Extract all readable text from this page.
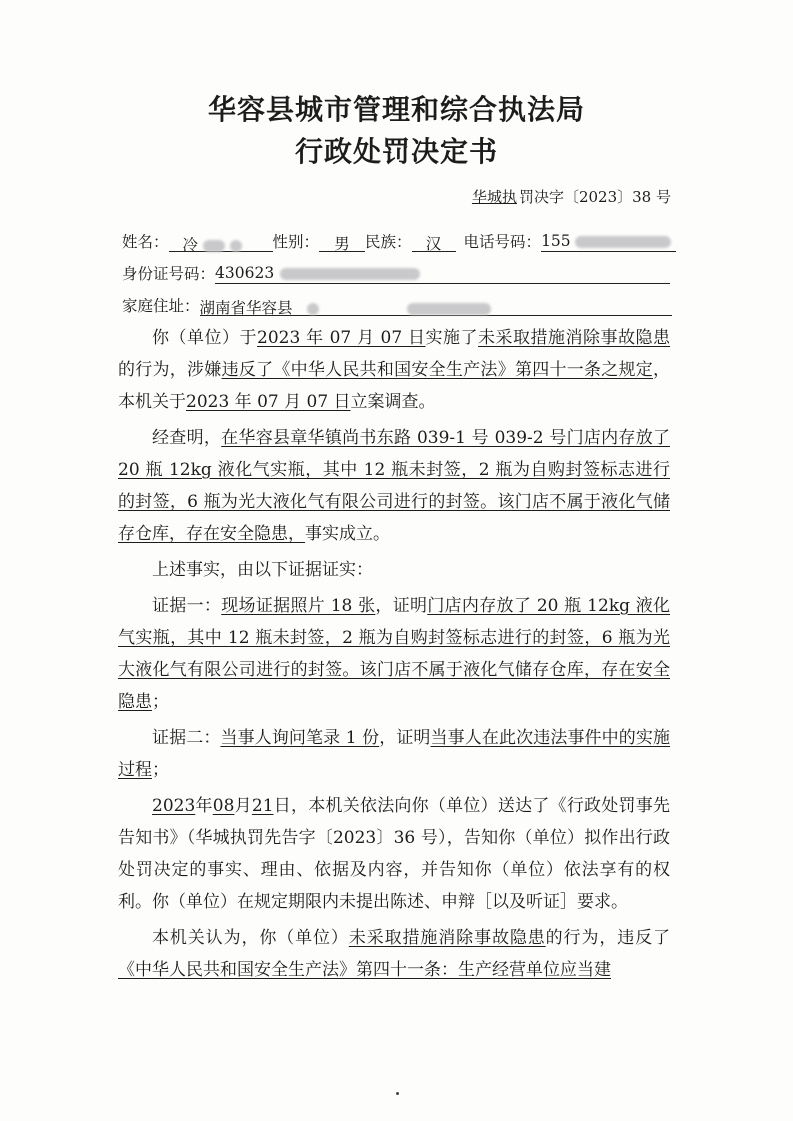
华容县城市管理和综合执法局
行政处罚决定书
华城执 罚决字〔2023〕38 号
姓名： 冷	性别： 男 民族： 汉 电话号码：155
身份证号码：430623
家庭住址：湖南省华容县

你（单位）于2023 年 07 月 07 日实施了未采取措施消除事故隐患的行为，涉嫌违反了《中华人民共和国安全生产法》第四十一条之规定，本机关于2023 年 07 月 07 日立案调查。

经查明，在华容县章华镇尚书东路 039-1 号 039-2 号门店内存放了 20 瓶 12kg 液化气实瓶，其中 12 瓶未封签，2 瓶为自购封签标志进行的封签，6 瓶为光大液化气有限公司进行的封签。该门店不属于液化气储存仓库，存在安全隐患，事实成立。

上述事实，由以下证据证实：

证据一：现场证据照片 18 张，证明门店内存放了 20 瓶 12kg 液化气实瓶，其中 12 瓶未封签，2 瓶为自购封签标志进行的封签，6 瓶为光大液化气有限公司进行的封签。该门店不属于液化气储存仓库，存在安全隐患；

证据二：当事人询问笔录 1 份，证明当事人在此次违法事件中的实施过程；

2023年08月21日，本机关依法向你（单位）送达了《行政处罚事先告知书》（华城执罚先告字〔2023〕36 号），告知你（单位）拟作出行政处罚决定的事实、理由、依据及内容，并告知你（单位）依法享有的权利。你（单位）在规定期限内未提出陈述、申辩［以及听证］要求。

本机关认为，你（单位）未采取措施消除事故隐患的行为，违反了《中华人民共和国安全生产法》第四十一条：生产经营单位应当建
